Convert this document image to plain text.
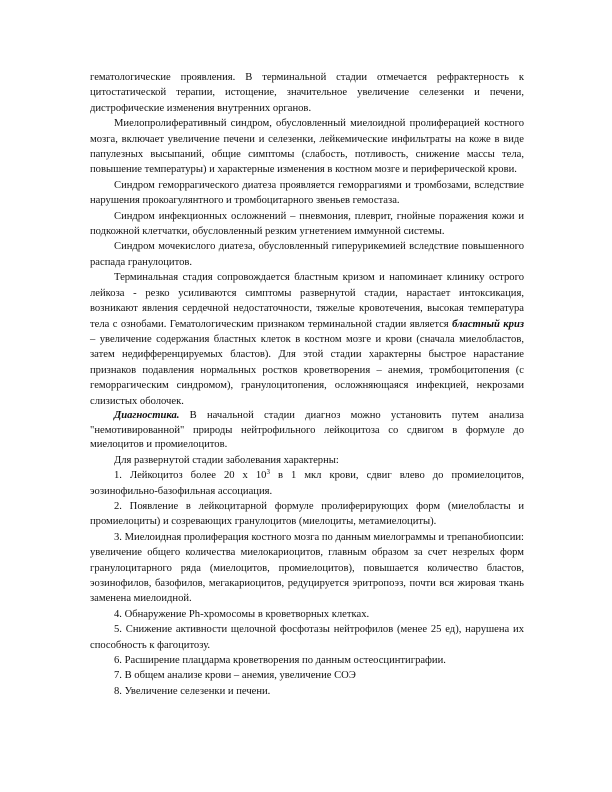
гематологические проявления. В терминальной стадии отмечается рефрактерность к цитостатической терапии, истощение, значительное увеличение селезенки и печени, дистрофические изменения внутренних органов.

Миелопролиферативный синдром, обусловленный миелоидной пролиферацией костного мозга, включает увеличение печени и селезенки, лейкемические инфильтраты на коже в виде папулезных высыпаний, общие симптомы (слабость, потливость, снижение массы тела, повышение температуры) и характерные изменения в костном мозге и периферической крови.

Синдром геморрагического диатеза проявляется геморрагиями и тромбозами, вследствие нарушения прокоагулянтного и тромбоцитарного звеньев гемостаза.

Синдром инфекционных осложнений – пневмония, плеврит, гнойные поражения кожи и подкожной клетчатки, обусловленный резким угнетением иммунной системы.

Синдром мочекислого диатеза, обусловленный гиперурикемией вследствие повышенного распада гранулоцитов.

Терминальная стадия сопровождается бластным кризом и напоминает клинику острого лейкоза - резко усиливаются симптомы развернутой стадии, нарастает интоксикация, возникают явления сердечной недостаточности, тяжелые кровотечения, высокая температура тела с ознобами. Гематологическим признаком терминальной стадии является бластный криз – увеличение содержания бластных клеток в костном мозге и крови (сначала миелобластов, затем недифференцируемых бластов). Для этой стадии характерны быстрое нарастание признаков подавления нормальных ростков кроветворения – анемия, тромбоцитопения (с геморрагическим синдромом), гранулоцитопения, осложняющаяся инфекцией, некрозами слизистых оболочек.

Диагностика. В начальной стадии диагноз можно установить путем анализа "немотивированной" природы нейтрофильного лейкоцитоза со сдвигом в формуле до миелоцитов и промиелоцитов.

Для развернутой стадии заболевания характерны:

1. Лейкоцитоз более 20 х $10^3$ в 1 мкл крови, сдвиг влево до промиелоцитов, эозинофильно-базофильная ассоциация.

2. Появление в лейкоцитарной формуле пролиферирующих форм (миелобласты и промиелоциты) и созревающих гранулоцитов (миелоциты, метамиелоциты).

3. Миелоидная пролиферация костного мозга по данным миелограммы и трепанобиопсии: увеличение общего количества миелокариоцитов, главным образом за счет незрелых форм гранулоцитарного ряда (миелоцитов, промиелоцитов), повышается количество бластов, эозинофилов, базофилов, мегакариоцитов, редуцируется эритропоэз, почти вся жировая ткань заменена миелоидной.

4. Обнаружение Ph-хромосомы в кроветворных клетках.

5. Снижение активности щелочной фосфотазы нейтрофилов (менее 25 ед), нарушена их способность к фагоцитозу.

6. Расширение плацдарма кроветворения по данным остеосцинтиграфии.

7. В общем анализе крови – анемия, увеличение СОЭ

8. Увеличение селезенки и печени.
